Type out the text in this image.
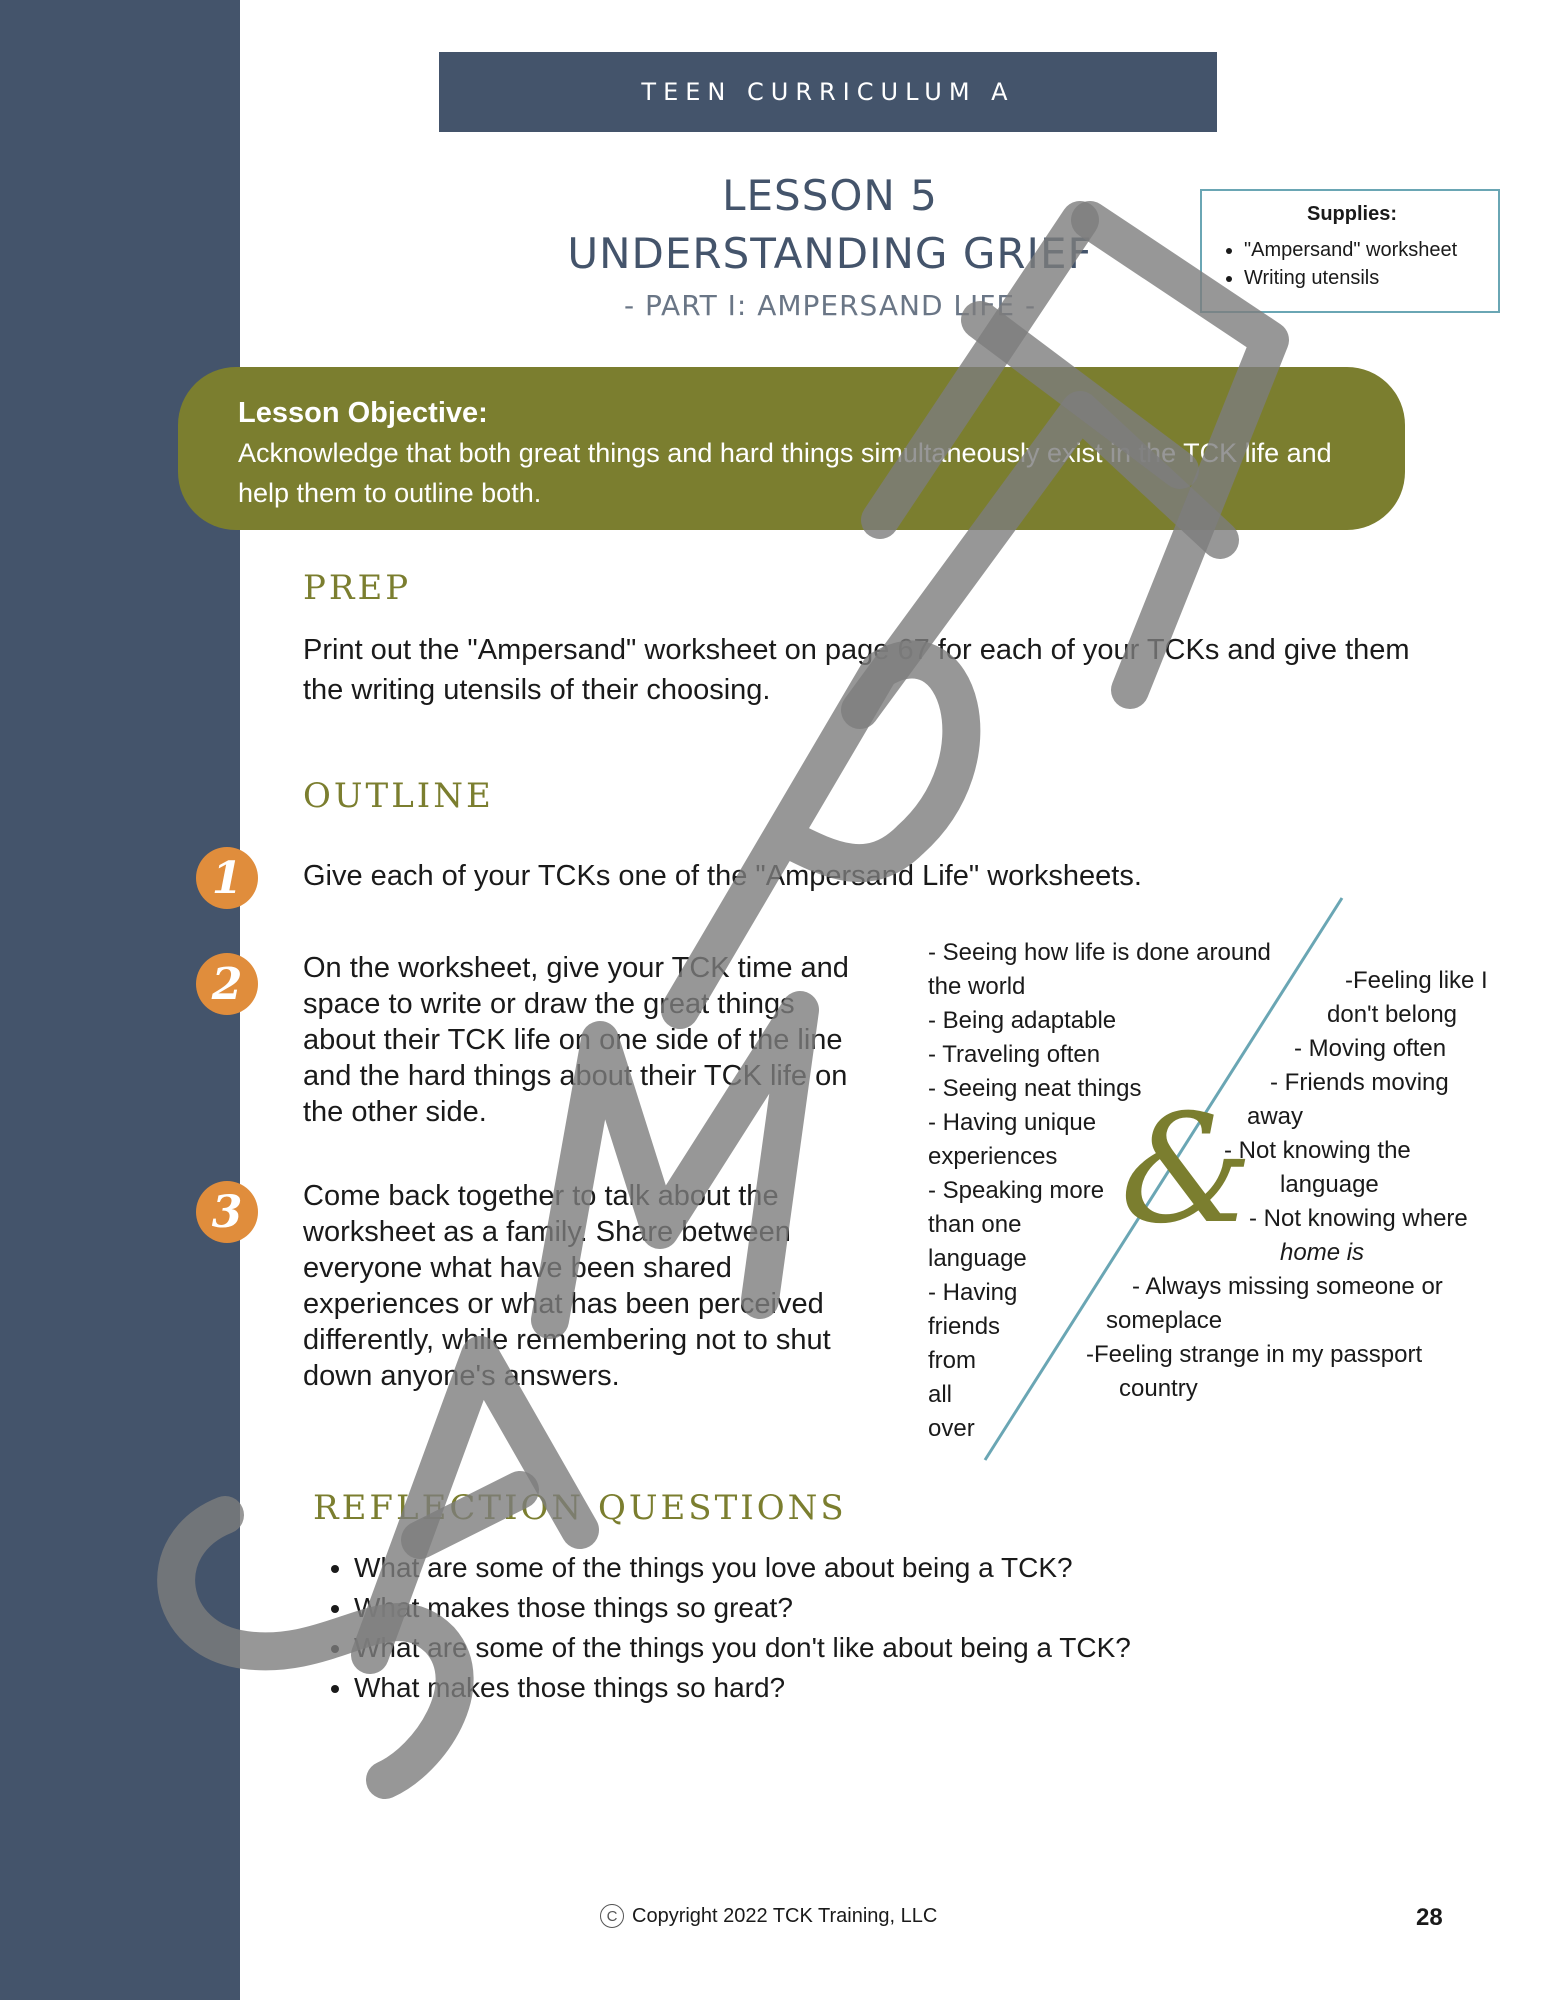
TEEN CURRICULUM A
LESSON 5
UNDERSTANDING GRIEF
- PART I: AMPERSAND LIFE -
Supplies:
• "Ampersand" worksheet
• Writing utensils
Lesson Objective:
Acknowledge that both great things and hard things simultaneously exist in the TCK life and help them to outline both.
PREP
Print out the "Ampersand" worksheet on page 67 for each of your TCKs and give them the writing utensils of their choosing.
OUTLINE
1	Give each of your TCKs one of the "Ampersand Life" worksheets.
2	On the worksheet, give your TCK time and space to write or draw the great things about their TCK life on one side of the line and the hard things about their TCK life on the other side.
3	Come back together to talk about the worksheet as a family. Share between everyone what have been shared experiences or what has been perceived differently, while remembering not to shut down anyone's answers.
- Seeing how life is done around
the world
- Being adaptable
- Traveling often
- Seeing neat things
- Having unique
experiences
- Speaking more
than one
language
- Having
friends
from
all
over
&
-Feeling like I
don't belong
- Moving often
- Friends moving
away
- Not knowing the
language
- Not knowing where
home is
- Always missing someone or
someplace
-Feeling strange in my passport
country
REFLECTION QUESTIONS
• What are some of the things you love about being a TCK?
• What makes those things so great?
• What are some of the things you don't like about being a TCK?
• What makes those things so hard?
C Copyright 2022 TCK Training, LLC	28
